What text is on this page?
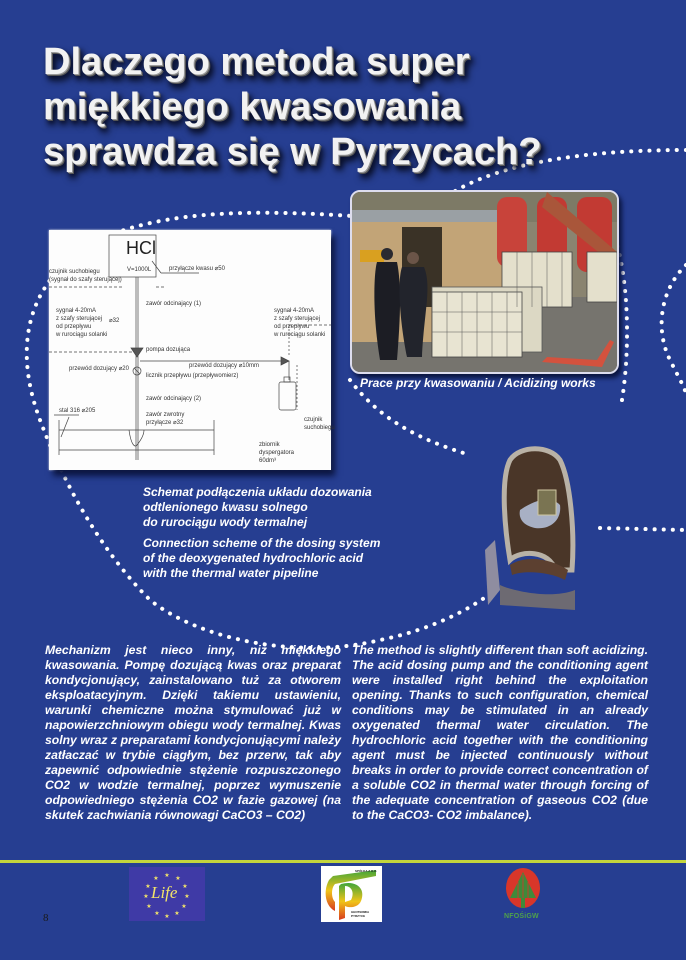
Dlaczego metoda super
miękkiego kwasowania
sprawdza się w Pyrzycach?
HCl
V=1000L
czujnik suchobiegu
(sygnał do szafy sterującej)
przyłącze kwasu ⌀50
sygnał 4-20mA
z szafy sterującej
od przepływu
w rurociągu solanki
⌀32
zawór odcinający (1)
pompa dozująca
przewód dozujący ⌀20	przewód dozujący ⌀10mm
licznik przepływu (przepływomierz)
zawór odcinający (2)
zawór zwrotny
przyłącze ⌀32
stal 316 ⌀205
sygnał 4-20mA
z szafy sterującej
od przepływu
w rurociągu solanki
zbiornik
dyspergatora
60dm³
czujnik
suchobiegu
Prace przy kwasowaniu / Acidizing works

Schemat podłączenia układu dozowania
odtlenionego kwasu solnego
do rurociągu wody termalnej

Connection scheme of the dosing system
of the deoxygenated hydrochloric acid
with the thermal water pipeline

Mechanizm jest nieco inny, niż miękkiego kwasowania. Pompę dozującą kwas oraz preparat kondycjonujący, zainstalowano tuż za otworem eksploatacyjnym. Dzięki takiemu ustawieniu, warunki chemiczne można stymulować już w napowierzchniowym obiegu wody termalnej. Kwas solny wraz z preparatami kondycjonującymi należy zatłaczać w trybie ciągłym, bez przerw, tak aby zapewnić odpowiednie stężenie rozpuszczonego CO2 w wodzie termalnej, poprzez wymuszenie odpowiedniego stężenia CO2 w fazie gazowej (na skutek zachwiania równowagi CaCO3 – CO2)

The method is slightly different than soft acidizing. The acid dosing pump and the conditioning agent were installed right behind the exploitation opening. Thanks to such configuration, chemical conditions may be stimulated in an already oxygenated thermal water circulation. The hydrochloric acid together with the conditioning agent must be injected continuously without breaks in order to provide correct concentration of a soluble CO2 in thermal water through forcing of the adequate concentration of gaseous CO2 (due to the CaCO3- CO2 imbalance).

8
★ ★
★
★
★
★
★
★
★
★
★
★
Life
SPÓŁKA Z O.O.
GEOTERMIA PYRZYCE	NFOŚiGW
